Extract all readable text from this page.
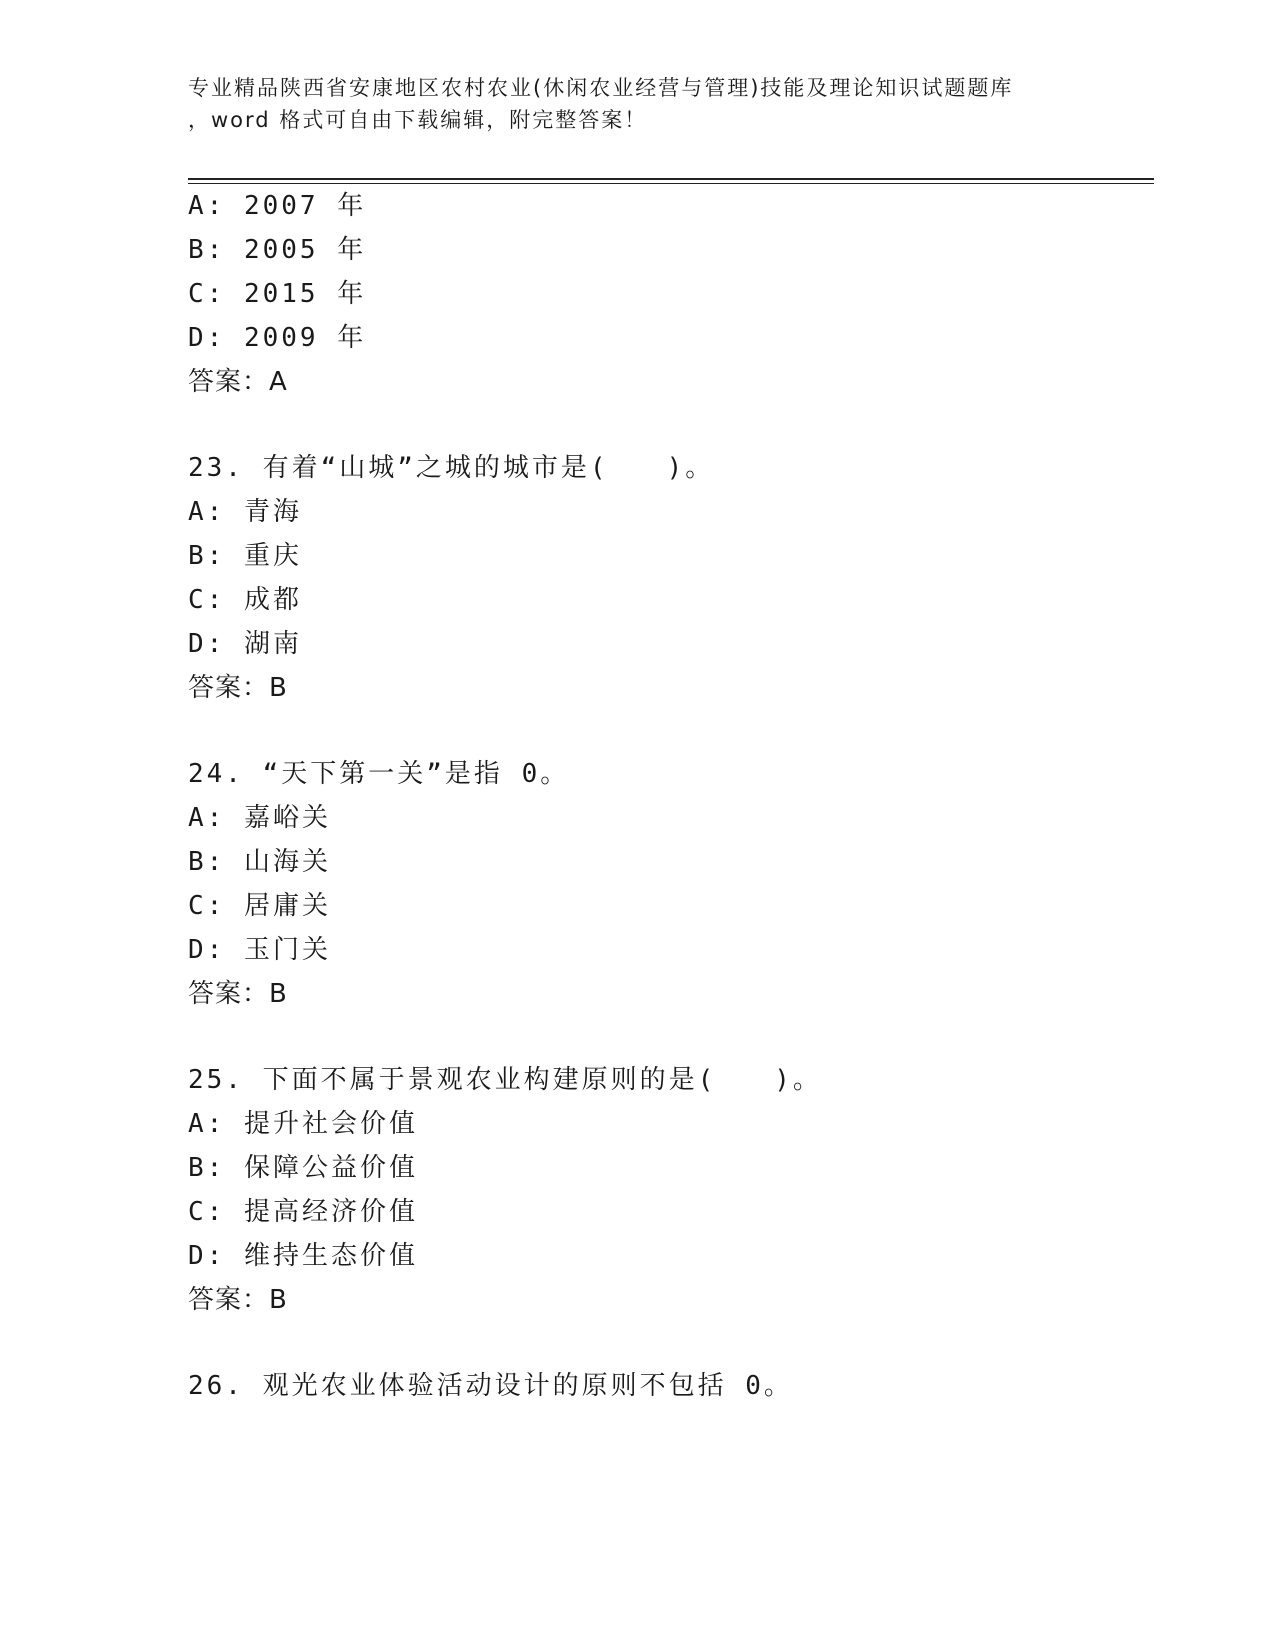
专业精品陕西省安康地区农村农业(休闲农业经营与管理)技能及理论知识试题题库
，word 格式可自由下载编辑，附完整答案！
A: 2007 年
B: 2005 年
C: 2015 年
D: 2009 年
答案：A
23. 有着“山城”之城的城市是(　　)。
A: 青海
B: 重庆
C: 成都
D: 湖南
答案：B
24. “天下第一关”是指 0。
A: 嘉峪关
B: 山海关
C: 居庸关
D: 玉门关
答案：B
25. 下面不属于景观农业构建原则的是(　　)。
A: 提升社会价值
B: 保障公益价值
C: 提高经济价值
D: 维持生态价值
答案：B
26. 观光农业体验活动设计的原则不包括 0。
